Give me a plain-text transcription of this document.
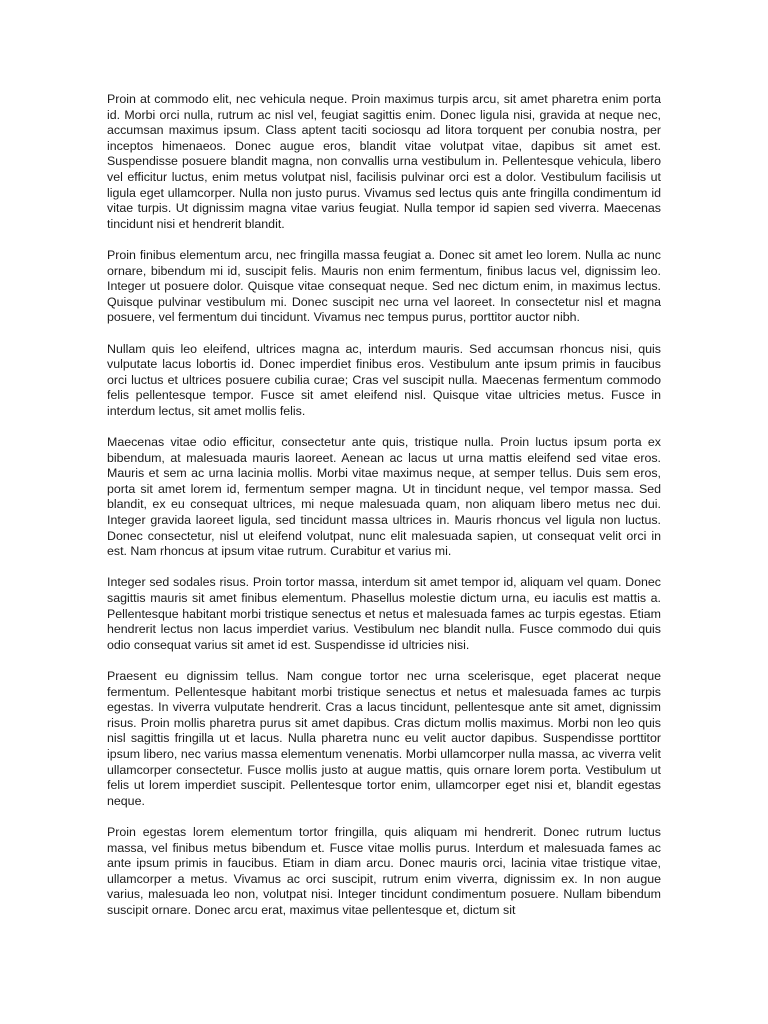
Proin at commodo elit, nec vehicula neque. Proin maximus turpis arcu, sit amet pharetra enim porta id. Morbi orci nulla, rutrum ac nisl vel, feugiat sagittis enim. Donec ligula nisi, gravida at neque nec, accumsan maximus ipsum. Class aptent taciti sociosqu ad litora torquent per conubia nostra, per inceptos himenaeos. Donec augue eros, blandit vitae volutpat vitae, dapibus sit amet est. Suspendisse posuere blandit magna, non convallis urna vestibulum in. Pellentesque vehicula, libero vel efficitur luctus, enim metus volutpat nisl, facilisis pulvinar orci est a dolor. Vestibulum facilisis ut ligula eget ullamcorper. Nulla non justo purus. Vivamus sed lectus quis ante fringilla condimentum id vitae turpis. Ut dignissim magna vitae varius feugiat. Nulla tempor id sapien sed viverra. Maecenas tincidunt nisi et hendrerit blandit.

Proin finibus elementum arcu, nec fringilla massa feugiat a. Donec sit amet leo lorem. Nulla ac nunc ornare, bibendum mi id, suscipit felis. Mauris non enim fermentum, finibus lacus vel, dignissim leo. Integer ut posuere dolor. Quisque vitae consequat neque. Sed nec dictum enim, in maximus lectus. Quisque pulvinar vestibulum mi. Donec suscipit nec urna vel laoreet. In consectetur nisl et magna posuere, vel fermentum dui tincidunt. Vivamus nec tempus purus, porttitor auctor nibh.

Nullam quis leo eleifend, ultrices magna ac, interdum mauris. Sed accumsan rhoncus nisi, quis vulputate lacus lobortis id. Donec imperdiet finibus eros. Vestibulum ante ipsum primis in faucibus orci luctus et ultrices posuere cubilia curae; Cras vel suscipit nulla. Maecenas fermentum commodo felis pellentesque tempor. Fusce sit amet eleifend nisl. Quisque vitae ultricies metus. Fusce in interdum lectus, sit amet mollis felis.

Maecenas vitae odio efficitur, consectetur ante quis, tristique nulla. Proin luctus ipsum porta ex bibendum, at malesuada mauris laoreet. Aenean ac lacus ut urna mattis eleifend sed vitae eros. Mauris et sem ac urna lacinia mollis. Morbi vitae maximus neque, at semper tellus. Duis sem eros, porta sit amet lorem id, fermentum semper magna. Ut in tincidunt neque, vel tempor massa. Sed blandit, ex eu consequat ultrices, mi neque malesuada quam, non aliquam libero metus nec dui. Integer gravida laoreet ligula, sed tincidunt massa ultrices in. Mauris rhoncus vel ligula non luctus. Donec consectetur, nisl ut eleifend volutpat, nunc elit malesuada sapien, ut consequat velit orci in est. Nam rhoncus at ipsum vitae rutrum. Curabitur et varius mi.

Integer sed sodales risus. Proin tortor massa, interdum sit amet tempor id, aliquam vel quam. Donec sagittis mauris sit amet finibus elementum. Phasellus molestie dictum urna, eu iaculis est mattis a. Pellentesque habitant morbi tristique senectus et netus et malesuada fames ac turpis egestas. Etiam hendrerit lectus non lacus imperdiet varius. Vestibulum nec blandit nulla. Fusce commodo dui quis odio consequat varius sit amet id est. Suspendisse id ultricies nisi.

Praesent eu dignissim tellus. Nam congue tortor nec urna scelerisque, eget placerat neque fermentum. Pellentesque habitant morbi tristique senectus et netus et malesuada fames ac turpis egestas. In viverra vulputate hendrerit. Cras a lacus tincidunt, pellentesque ante sit amet, dignissim risus. Proin mollis pharetra purus sit amet dapibus. Cras dictum mollis maximus. Morbi non leo quis nisl sagittis fringilla ut et lacus. Nulla pharetra nunc eu velit auctor dapibus. Suspendisse porttitor ipsum libero, nec varius massa elementum venenatis. Morbi ullamcorper nulla massa, ac viverra velit ullamcorper consectetur. Fusce mollis justo at augue mattis, quis ornare lorem porta. Vestibulum ut felis ut lorem imperdiet suscipit. Pellentesque tortor enim, ullamcorper eget nisi et, blandit egestas neque.

Proin egestas lorem elementum tortor fringilla, quis aliquam mi hendrerit. Donec rutrum luctus massa, vel finibus metus bibendum et. Fusce vitae mollis purus. Interdum et malesuada fames ac ante ipsum primis in faucibus. Etiam in diam arcu. Donec mauris orci, lacinia vitae tristique vitae, ullamcorper a metus. Vivamus ac orci suscipit, rutrum enim viverra, dignissim ex. In non augue varius, malesuada leo non, volutpat nisi. Integer tincidunt condimentum posuere. Nullam bibendum suscipit ornare. Donec arcu erat, maximus vitae pellentesque et, dictum sit
